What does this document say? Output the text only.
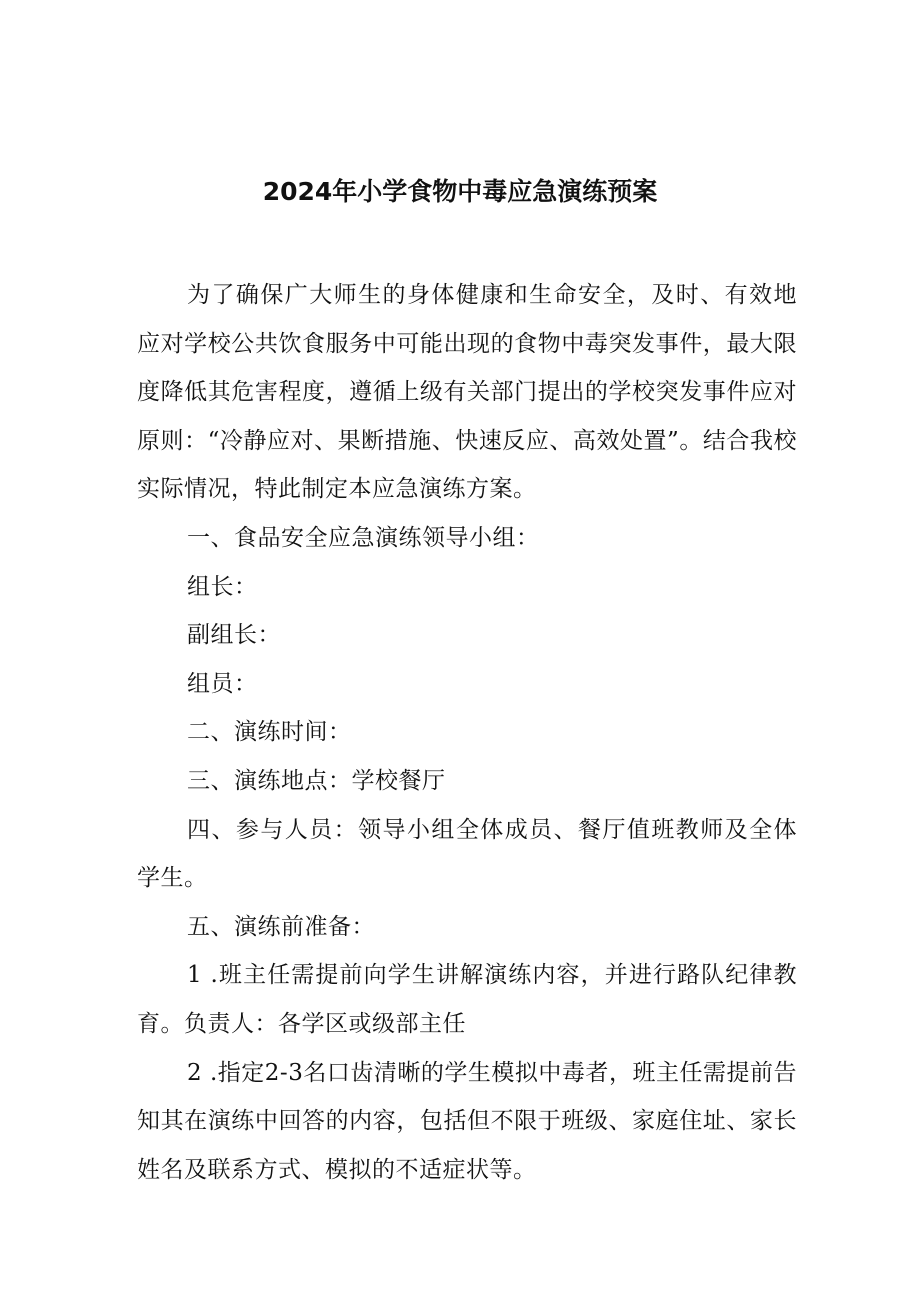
2024年小学食物中毒应急演练预案

为了确保广大师生的身体健康和生命安全，及时、有效地应对学校公共饮食服务中可能出现的食物中毒突发事件，最大限度降低其危害程度，遵循上级有关部门提出的学校突发事件应对原则：“冷静应对、果断措施、快速反应、高效处置”。结合我校实际情况，特此制定本应急演练方案。

一、食品安全应急演练领导小组：

组长：

副组长：

组员：

二、演练时间：

三、演练地点：学校餐厅

四、参与人员：领导小组全体成员、餐厅值班教师及全体学生。

五、演练前准备：

1 .班主任需提前向学生讲解演练内容，并进行路队纪律教育。负责人：各学区或级部主任

2 .指定2-3名口齿清晰的学生模拟中毒者，班主任需提前告知其在演练中回答的内容，包括但不限于班级、家庭住址、家长姓名及联系方式、模拟的不适症状等。
